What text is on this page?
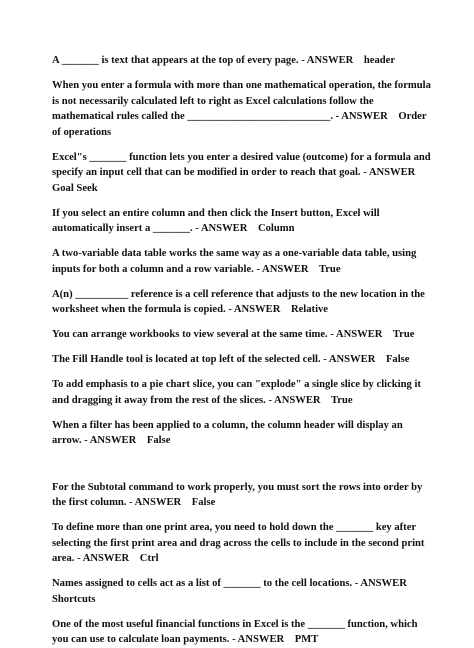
A _______ is text that appears at the top of every page. - ANSWER    header

When you enter a formula with more than one mathematical operation, the formula is not necessarily calculated left to right as Excel calculations follow the mathematical rules called the ___________________________. - ANSWER    Order of operations

Excel"s _______ function lets you enter a desired value (outcome) for a formula and specify an input cell that can be modified in order to reach that goal. - ANSWER    Goal Seek

If you select an entire column and then click the Insert button, Excel will automatically insert a _______. - ANSWER    Column

A two-variable data table works the same way as a one-variable data table, using inputs for both a column and a row variable. - ANSWER    True

A(n) __________ reference is a cell reference that adjusts to the new location in the worksheet when the formula is copied. - ANSWER    Relative

You can arrange workbooks to view several at the same time. - ANSWER    True

The Fill Handle tool is located at top left of the selected cell. - ANSWER    False

To add emphasis to a pie chart slice, you can "explode" a single slice by clicking it and dragging it away from the rest of the slices. - ANSWER    True

When a filter has been applied to a column, the column header will display an arrow. - ANSWER    False

For the Subtotal command to work properly, you must sort the rows into order by the first column. - ANSWER    False

To define more than one print area, you need to hold down the _______ key after selecting the first print area and drag across the cells to include in the second print area. - ANSWER    Ctrl

Names assigned to cells act as a list of _______ to the cell locations. - ANSWER    Shortcuts

One of the most useful financial functions in Excel is the _______ function, which you can use to calculate loan payments. - ANSWER    PMT
